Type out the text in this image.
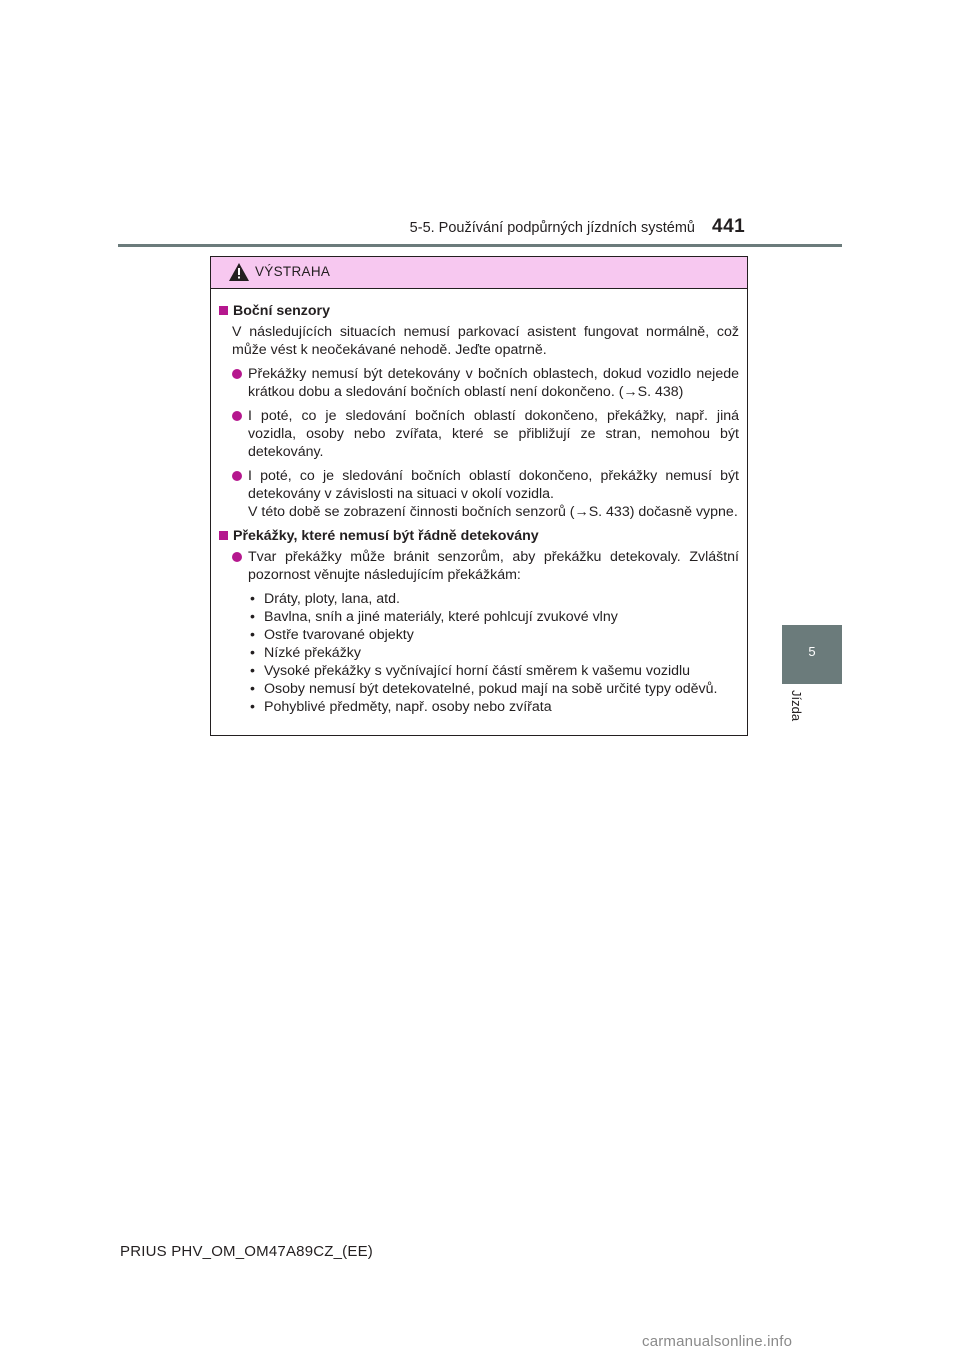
5-5. Používání podpůrných jízdních systémů 441
5
Jízda
VÝSTRAHA
Boční senzory
V následujících situacích nemusí parkovací asistent fungovat normálně, což může vést k neočekávané nehodě. Jeďte opatrně.
Překážky nemusí být detekovány v bočních oblastech, dokud vozidlo nejede krátkou dobu a sledování bočních oblastí není dokončeno. (→S. 438)
I poté, co je sledování bočních oblastí dokončeno, překážky, např. jiná vozidla, osoby nebo zvířata, které se přibližují ze stran, nemohou být detekovány.
I poté, co je sledování bočních oblastí dokončeno, překážky nemusí být detekovány v závislosti na situaci v okolí vozidla.
V této době se zobrazení činnosti bočních senzorů (→S. 433) dočasně vypne.
Překážky, které nemusí být řádně detekovány
Tvar překážky může bránit senzorům, aby překážku detekovaly. Zvláštní pozornost věnujte následujícím překážkám:
• Dráty, ploty, lana, atd.
• Bavlna, sníh a jiné materiály, které pohlcují zvukové vlny
• Ostře tvarované objekty
• Nízké překážky
• Vysoké překážky s vyčnívající horní částí směrem k vašemu vozidlu
• Osoby nemusí být detekovatelné, pokud mají na sobě určité typy oděvů.
• Pohyblivé předměty, např. osoby nebo zvířata
PRIUS PHV_OM_OM47A89CZ_(EE)
carmanualsonline.info
